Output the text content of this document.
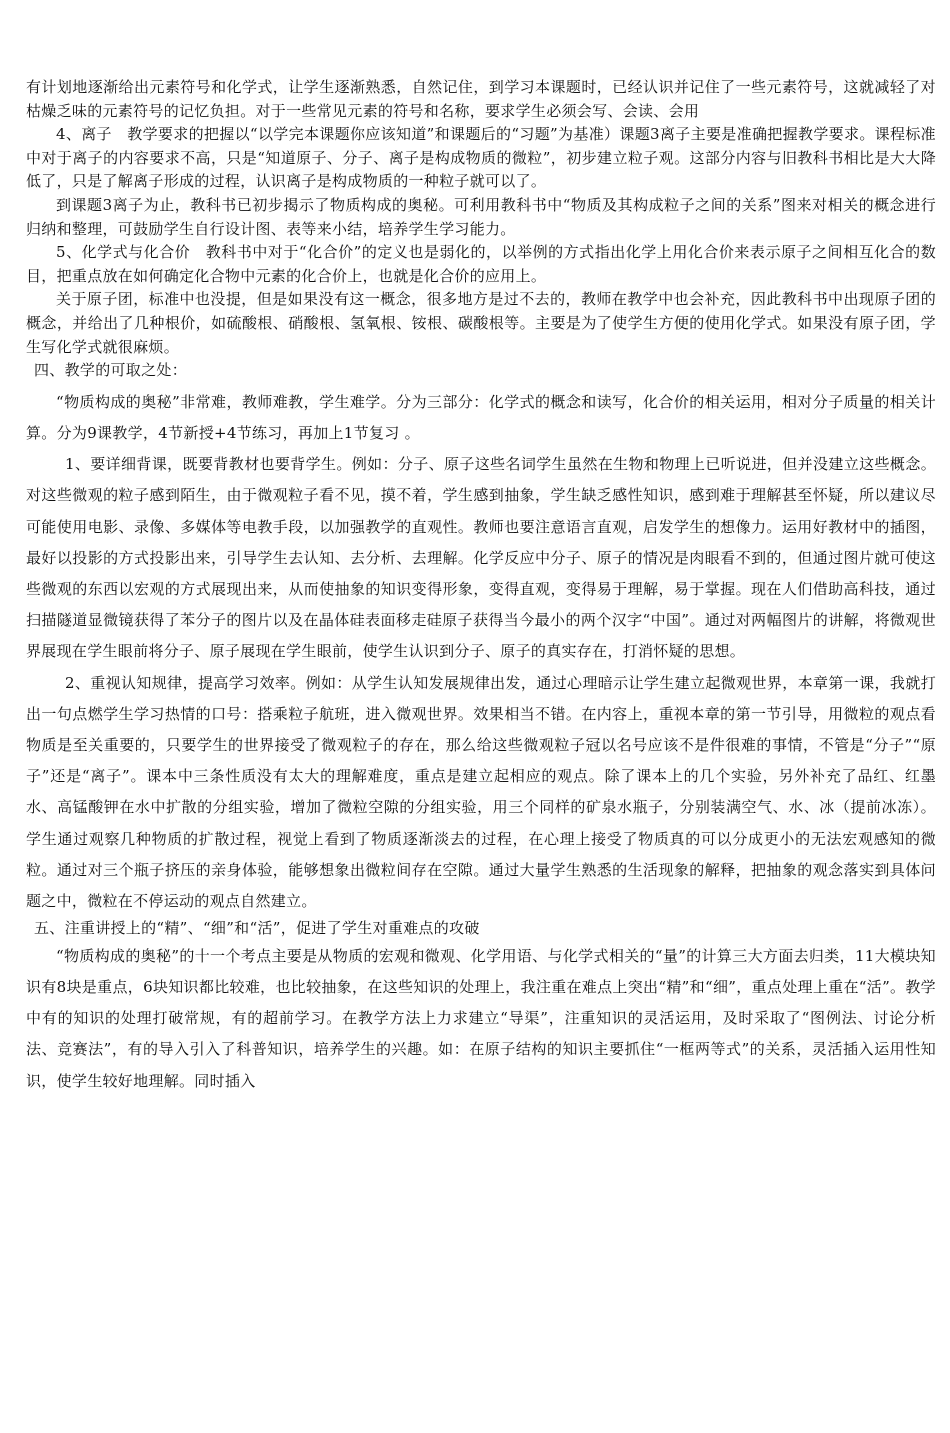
有计划地逐渐给出元素符号和化学式，让学生逐渐熟悉，自然记住，到学习本课题时，已经认识并记住了一些元素符号，这就减轻了对枯燥乏味的元素符号的记忆负担。对于一些常见元素的符号和名称，要求学生必须会写、会读、会用

4、离子　教学要求的把握以“以学完本课题你应该知道”和课题后的“习题”为基准）课题3离子主要是准确把握教学要求。课程标准中对于离子的内容要求不高，只是“知道原子、分子、离子是构成物质的微粒”，初步建立粒子观。这部分内容与旧教科书相比是大大降低了，只是了解离子形成的过程，认识离子是构成物质的一种粒子就可以了。

到课题3离子为止，教科书已初步揭示了物质构成的奥秘。可利用教科书中“物质及其构成粒子之间的关系”图来对相关的概念进行归纳和整理，可鼓励学生自行设计图、表等来小结，培养学生学习能力。

5、化学式与化合价　教科书中对于“化合价”的定义也是弱化的，以举例的方式指出化学上用化合价来表示原子之间相互化合的数目，把重点放在如何确定化合物中元素的化合价上，也就是化合价的应用上。

关于原子团，标准中也没提，但是如果没有这一概念，很多地方是过不去的，教师在教学中也会补充，因此教科书中出现原子团的概念，并给出了几种根价，如硫酸根、硝酸根、氢氧根、铵根、碳酸根等。主要是为了使学生方便的使用化学式。如果没有原子团，学生写化学式就很麻烦。

四、教学的可取之处：

“物质构成的奥秘”非常难，教师难教，学生难学。分为三部分：化学式的概念和读写，化合价的相关运用，相对分子质量的相关计算。分为9课教学，4节新授+4节练习，再加上1节复习 。

1、要详细背课，既要背教材也要背学生。例如：分子、原子这些名词学生虽然在生物和物理上已听说进，但并没建立这些概念。对这些微观的粒子感到陌生，由于微观粒子看不见，摸不着，学生感到抽象，学生缺乏感性知识，感到难于理解甚至怀疑，所以建议尽可能使用电影、录像、多媒体等电教手段，以加强教学的直观性。教师也要注意语言直观，启发学生的想像力。运用好教材中的插图，最好以投影的方式投影出来，引导学生去认知、去分析、去理解。化学反应中分子、原子的情况是肉眼看不到的，但通过图片就可使这些微观的东西以宏观的方式展现出来，从而使抽象的知识变得形象，变得直观，变得易于理解，易于掌握。现在人们借助高科技，通过扫描隧道显微镜获得了苯分子的图片以及在晶体硅表面移走硅原子获得当今最小的两个汉字“中国”。通过对两幅图片的讲解，将微观世界展现在学生眼前将分子、原子展现在学生眼前，使学生认识到分子、原子的真实存在，打消怀疑的思想。

2、重视认知规律，提高学习效率。例如：从学生认知发展规律出发，通过心理暗示让学生建立起微观世界，本章第一课，我就打出一句点燃学生学习热情的口号：搭乘粒子航班，进入微观世界。效果相当不错。在内容上，重视本章的第一节引导，用微粒的观点看物质是至关重要的，只要学生的世界接受了微观粒子的存在，那么给这些微观粒子冠以名号应该不是件很难的事情，不管是“分子”“原子”还是“离子”。课本中三条性质没有太大的理解难度，重点是建立起相应的观点。除了课本上的几个实验，另外补充了品红、红墨水、高锰酸钾在水中扩散的分组实验，增加了微粒空隙的分组实验，用三个同样的矿泉水瓶子，分别装满空气、水、冰（提前冰冻）。学生通过观察几种物质的扩散过程，视觉上看到了物质逐渐淡去的过程，在心理上接受了物质真的可以分成更小的无法宏观感知的微粒。通过对三个瓶子挤压的亲身体验，能够想象出微粒间存在空隙。通过大量学生熟悉的生活现象的解释，把抽象的观念落实到具体问题之中，微粒在不停运动的观点自然建立。

五、注重讲授上的“精”、“细”和“活”，促进了学生对重难点的攻破

“物质构成的奥秘”的十一个考点主要是从物质的宏观和微观、化学用语、与化学式相关的“量”的计算三大方面去归类，11大模块知识有8块是重点，6块知识都比较难，也比较抽象，在这些知识的处理上，我注重在难点上突出“精”和“细”，重点处理上重在“活”。教学中有的知识的处理打破常规，有的超前学习。在教学方法上力求建立“导渠”，注重知识的灵活运用，及时采取了“图例法、讨论分析法、竞赛法”，有的导入引入了科普知识，培养学生的兴趣。如：在原子结构的知识主要抓住“一框两等式”的关系，灵活插入运用性知识，使学生较好地理解。同时插入
